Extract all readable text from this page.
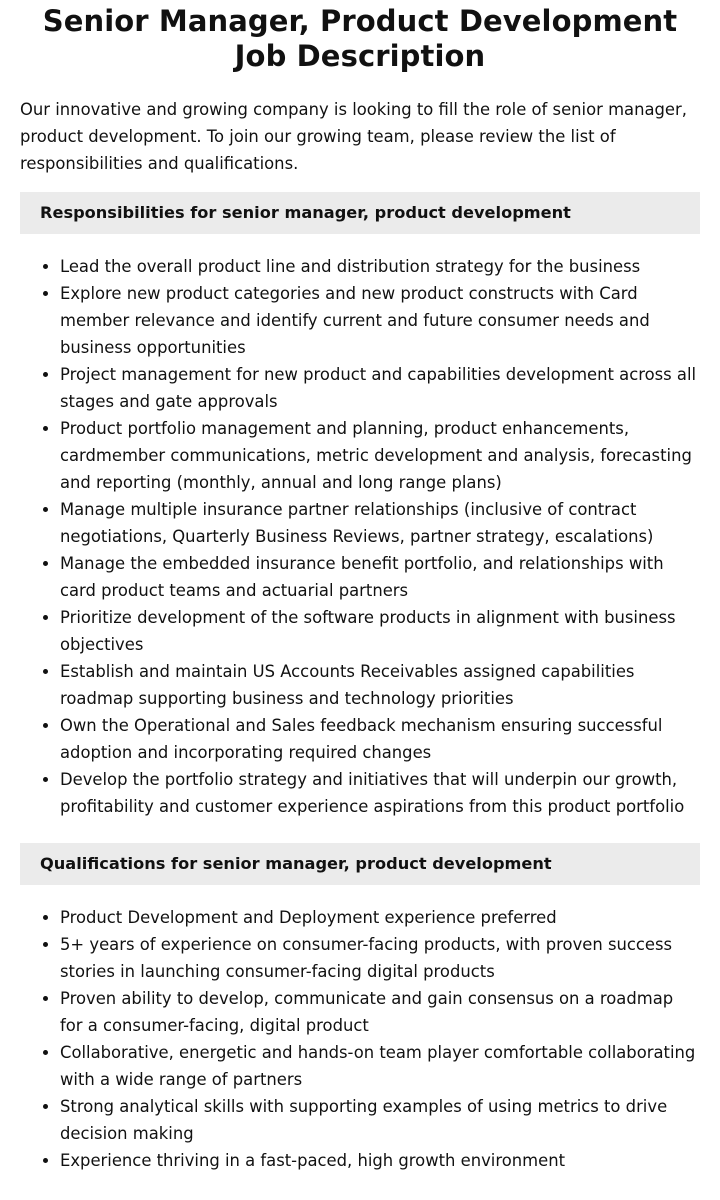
Senior Manager, Product Development Job Description

Our innovative and growing company is looking to fill the role of senior manager, product development. To join our growing team, please review the list of responsibilities and qualifications.

Responsibilities for senior manager, product development
• Lead the overall product line and distribution strategy for the business
• Explore new product categories and new product constructs with Card member relevance and identify current and future consumer needs and business opportunities
• Project management for new product and capabilities development across all stages and gate approvals
• Product portfolio management and planning, product enhancements, cardmember communications, metric development and analysis, forecasting and reporting (monthly, annual and long range plans)
• Manage multiple insurance partner relationships (inclusive of contract negotiations, Quarterly Business Reviews, partner strategy, escalations)
• Manage the embedded insurance benefit portfolio, and relationships with card product teams and actuarial partners
• Prioritize development of the software products in alignment with business objectives
• Establish and maintain US Accounts Receivables assigned capabilities roadmap supporting business and technology priorities
• Own the Operational and Sales feedback mechanism ensuring successful adoption and incorporating required changes
• Develop the portfolio strategy and initiatives that will underpin our growth, profitability and customer experience aspirations from this product portfolio
Qualifications for senior manager, product development
• Product Development and Deployment experience preferred
• 5+ years of experience on consumer-facing products, with proven success stories in launching consumer-facing digital products
• Proven ability to develop, communicate and gain consensus on a roadmap for a consumer-facing, digital product
• Collaborative, energetic and hands-on team player comfortable collaborating with a wide range of partners
• Strong analytical skills with supporting examples of using metrics to drive decision making
• Experience thriving in a fast-paced, high growth environment
